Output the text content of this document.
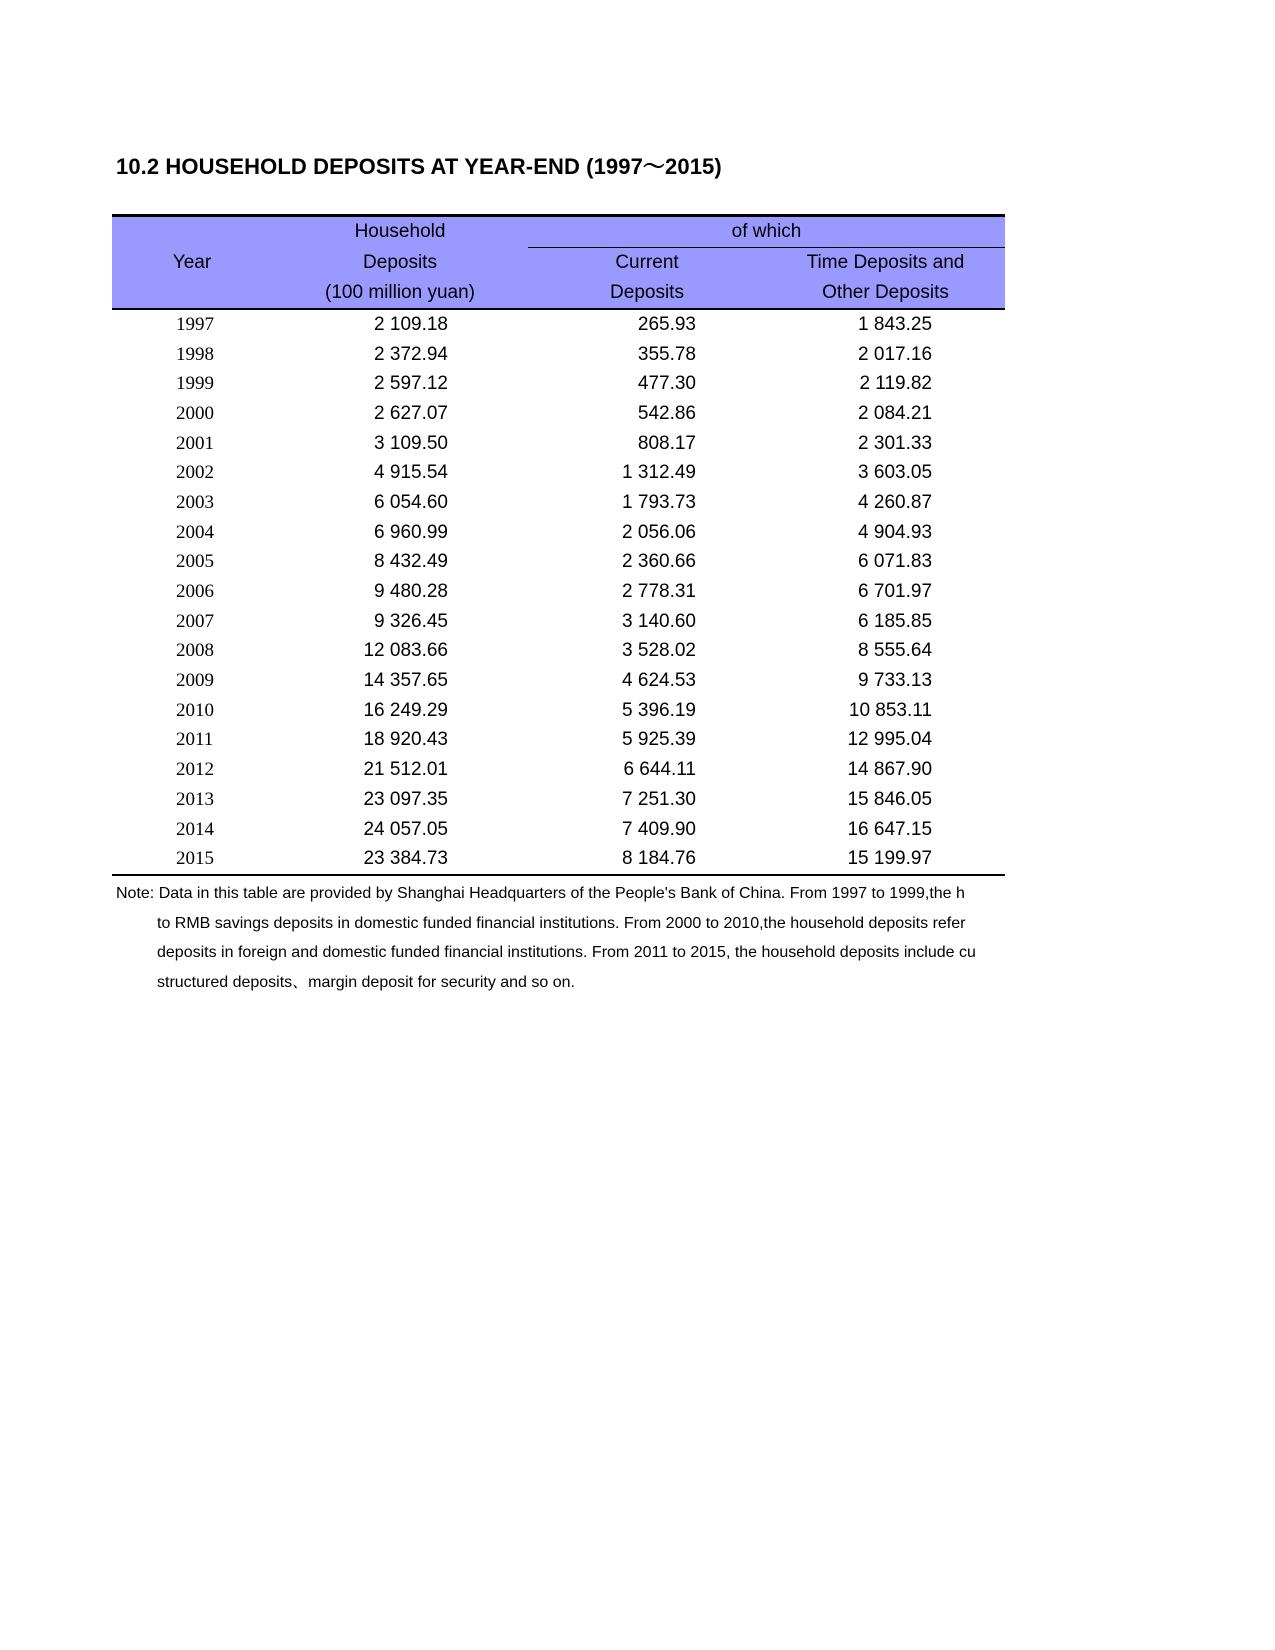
10.2 HOUSEHOLD DEPOSITS AT YEAR-END (1997～2015)
	Household	of which	
Year	Deposits	Current	Time Deposits and
	(100 million yuan)	Deposits	Other Deposits
1997	2 109.18	265.93	1 843.25
1998	2 372.94	355.78	2 017.16
1999	2 597.12	477.30	2 119.82
2000	2 627.07	542.86	2 084.21
2001	3 109.50	808.17	2 301.33
2002	4 915.54	1 312.49	3 603.05
2003	6 054.60	1 793.73	4 260.87
2004	6 960.99	2 056.06	4 904.93
2005	8 432.49	2 360.66	6 071.83
2006	9 480.28	2 778.31	6 701.97
2007	9 326.45	3 140.60	6 185.85
2008	12 083.66	3 528.02	8 555.64
2009	14 357.65	4 624.53	9 733.13
2010	16 249.29	5 396.19	10 853.11
2011	18 920.43	5 925.39	12 995.04
2012	21 512.01	6 644.11	14 867.90
2013	23 097.35	7 251.30	15 846.05
2014	24 057.05	7 409.90	16 647.15
2015	23 384.73	8 184.76	15 199.97
Note: Data in this table are provided by Shanghai Headquarters of the People's Bank of China. From 1997 to 1999,the h
to RMB savings deposits in domestic funded financial institutions. From 2000 to 2010,the household deposits refer
deposits in foreign and domestic funded financial institutions. From 2011 to 2015, the household deposits include cu
structured deposits、margin deposit for security and so on.
